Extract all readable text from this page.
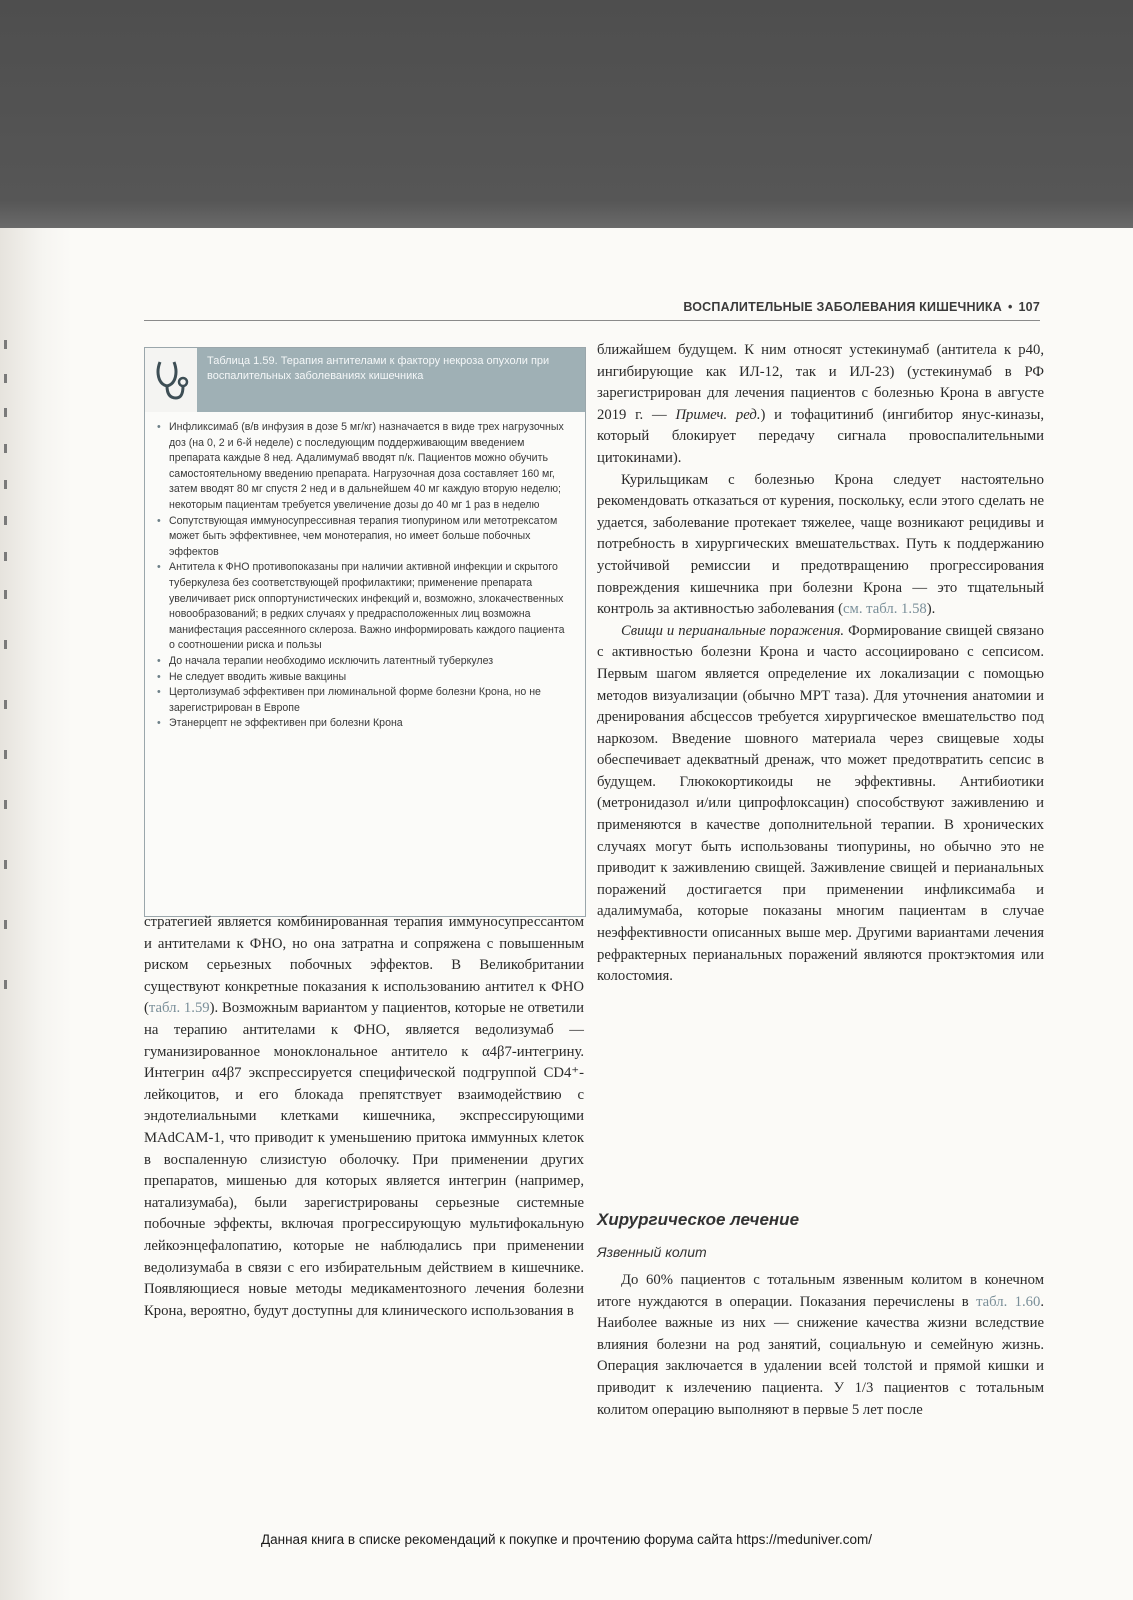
ВОСПАЛИТЕЛЬНЫЕ ЗАБОЛЕВАНИЯ КИШЕЧНИКА • 107
Таблица 1.59. Терапия антителами к фактору некроза опухоли при воспалительных заболеваниях кишечника
• Инфликсимаб (в/в инфузия в дозе 5 мг/кг) назначается в виде трех нагрузочных доз (на 0, 2 и 6-й неделе) с последующим поддерживающим введением препарата каждые 8 нед. Адалимумаб вводят п/к. Пациентов можно обучить самостоятельному введению препарата. Нагрузочная доза составляет 160 мг, затем вводят 80 мг спустя 2 нед и в дальнейшем 40 мг каждую вторую неделю; некоторым пациентам требуется увеличение дозы до 40 мг 1 раз в неделю
• Сопутствующая иммуносупрессивная терапия тиопурином или метотрексатом может быть эффективнее, чем монотерапия, но имеет больше побочных эффектов
• Антитела к ФНО противопоказаны при наличии активной инфекции и скрытого туберкулеза без соответствующей профилактики; применение препарата увеличивает риск оппортунистических инфекций и, возможно, злокачественных новообразований; в редких случаях у предрасположенных лиц возможна манифестация рассеянного склероза. Важно информировать каждого пациента о соотношении риска и пользы
• До начала терапии необходимо исключить латентный туберкулез
• Не следует вводить живые вакцины
• Цертолизумаб эффективен при люминальной форме болезни Крона, но не зарегистрирован в Европе
• Этанерцепт не эффективен при болезни Крона

стратегией является комбинированная терапия иммуносупрессантом и антителами к ФНО, но она затратна и сопряжена с повышенным риском серьезных побочных эффектов. В Великобритании существуют конкретные показания к использованию антител к ФНО (табл. 1.59). Возможным вариантом у пациентов, которые не ответили на терапию антителами к ФНО, является ведолизумаб — гуманизированное моноклональное антитело к α4β7-интегрину. Интегрин α4β7 экспрессируется специфической подгруппой CD4⁺-лейкоцитов, и его блокада препятствует взаимодействию с эндотелиальными клетками кишечника, экспрессирующими MAdCAM-1, что приводит к уменьшению притока иммунных клеток в воспаленную слизистую оболочку. При применении других препаратов, мишенью для которых является интегрин (например, натализумаба), были зарегистрированы серьезные системные побочные эффекты, включая прогрессирующую мультифокальную лейкоэнцефалопатию, которые не наблюдались при применении ведолизумаба в связи с его избирательным действием в кишечнике. Появляющиеся новые методы медикаментозного лечения болезни Крона, вероятно, будут доступны для клинического использования в

ближайшем будущем. К ним относят устекинумаб (антитела к p40, ингибирующие как ИЛ-12, так и ИЛ-23) (устекинумаб в РФ зарегистрирован для лечения пациентов с болезнью Крона в августе 2019 г. — Примеч. ред.) и тофацитиниб (ингибитор янус-киназы, который блокирует передачу сигнала провоспалительными цитокинами).

Курильщикам с болезнью Крона следует настоятельно рекомендовать отказаться от курения, поскольку, если этого сделать не удается, заболевание протекает тяжелее, чаще возникают рецидивы и потребность в хирургических вмешательствах. Путь к поддержанию устойчивой ремиссии и предотвращению прогрессирования повреждения кишечника при болезни Крона — это тщательный контроль за активностью заболевания (см. табл. 1.58).

Свищи и перианальные поражения. Формирование свищей связано с активностью болезни Крона и часто ассоциировано с сепсисом. Первым шагом является определение их локализации с помощью методов визуализации (обычно МРТ таза). Для уточнения анатомии и дренирования абсцессов требуется хирургическое вмешательство под наркозом. Введение шовного материала через свищевые ходы обеспечивает адекватный дренаж, что может предотвратить сепсис в будущем. Глюкокортикоиды не эффективны. Антибиотики (метронидазол и/или ципрофлоксацин) способствуют заживлению и применяются в качестве дополнительной терапии. В хронических случаях могут быть использованы тиопурины, но обычно это не приводит к заживлению свищей. Заживление свищей и перианальных поражений достигается при применении инфликсимаба и адалимумаба, которые показаны многим пациентам в случае неэффективности описанных выше мер. Другими вариантами лечения рефрактерных перианальных поражений являются проктэктомия или колостомия.

Хирургическое лечение
Язвенный колит

До 60% пациентов с тотальным язвенным колитом в конечном итоге нуждаются в операции. Показания перечислены в табл. 1.60. Наиболее важные из них — снижение качества жизни вследствие влияния болезни на род занятий, социальную и семейную жизнь. Операция заключается в удалении всей толстой и прямой кишки и приводит к излечению пациента. У 1/3 пациентов с тотальным колитом операцию выполняют в первые 5 лет после

Данная книга в списке рекомендаций к покупке и прочтению форума сайта https://meduniver.com/
